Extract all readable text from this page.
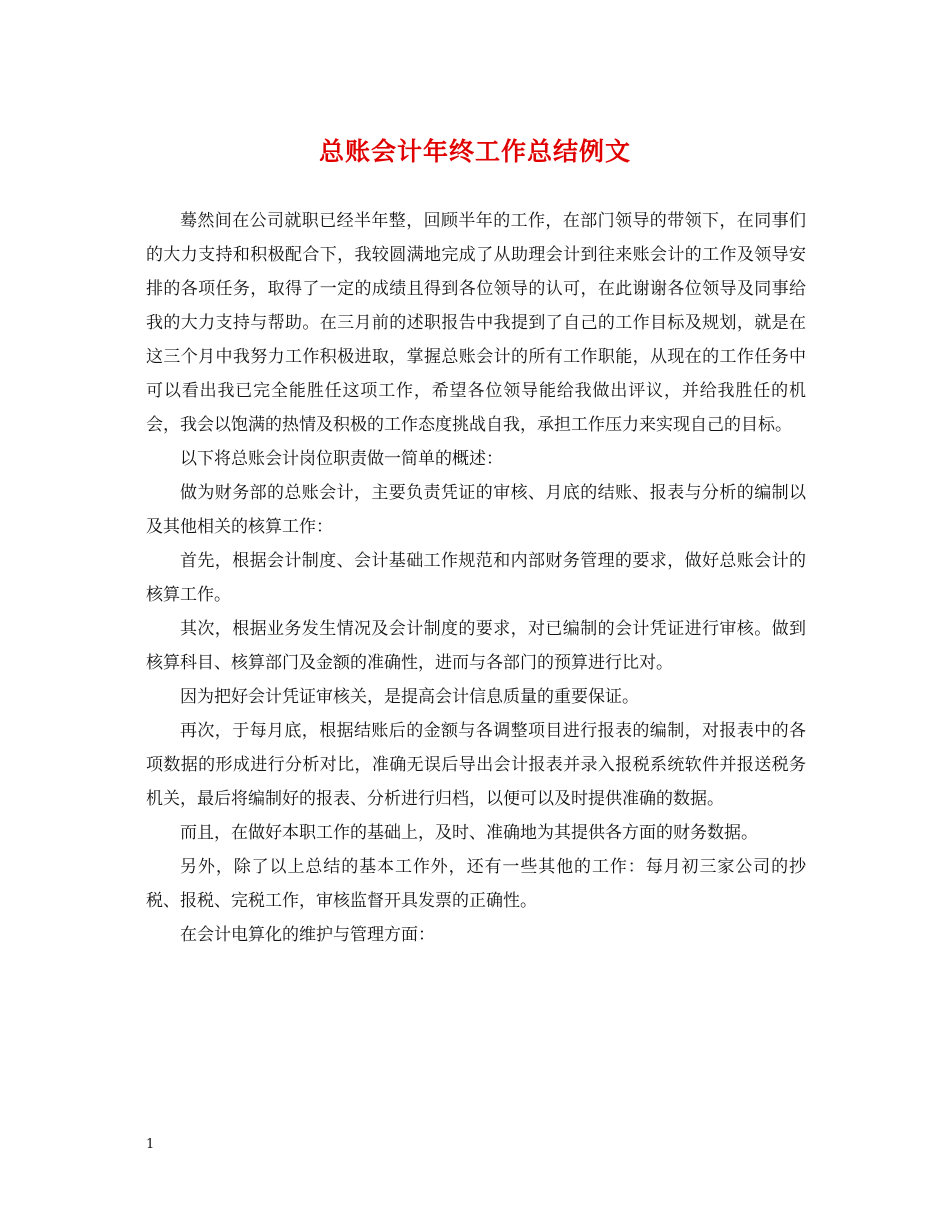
总账会计年终工作总结例文

蓦然间在公司就职已经半年整，回顾半年的工作，在部门领导的带领下，在同事们的大力支持和积极配合下，我较圆满地完成了从助理会计到往来账会计的工作及领导安排的各项任务，取得了一定的成绩且得到各位领导的认可，在此谢谢各位领导及同事给我的大力支持与帮助。在三月前的述职报告中我提到了自己的工作目标及规划，就是在这三个月中我努力工作积极进取，掌握总账会计的所有工作职能，从现在的工作任务中可以看出我已完全能胜任这项工作，希望各位领导能给我做出评议，并给我胜任的机会，我会以饱满的热情及积极的工作态度挑战自我，承担工作压力来实现自己的目标。

以下将总账会计岗位职责做一简单的概述：

做为财务部的总账会计，主要负责凭证的审核、月底的结账、报表与分析的编制以及其他相关的核算工作：

首先，根据会计制度、会计基础工作规范和内部财务管理的要求，做好总账会计的核算工作。

其次，根据业务发生情况及会计制度的要求，对已编制的会计凭证进行审核。做到核算科目、核算部门及金额的准确性，进而与各部门的预算进行比对。

因为把好会计凭证审核关，是提高会计信息质量的重要保证。

再次，于每月底，根据结账后的金额与各调整项目进行报表的编制，对报表中的各项数据的形成进行分析对比，准确无误后导出会计报表并录入报税系统软件并报送税务机关，最后将编制好的报表、分析进行归档，以便可以及时提供准确的数据。

而且，在做好本职工作的基础上，及时、准确地为其提供各方面的财务数据。

另外，除了以上总结的基本工作外，还有一些其他的工作：每月初三家公司的抄税、报税、完税工作，审核监督开具发票的正确性。

在会计电算化的维护与管理方面：

1
